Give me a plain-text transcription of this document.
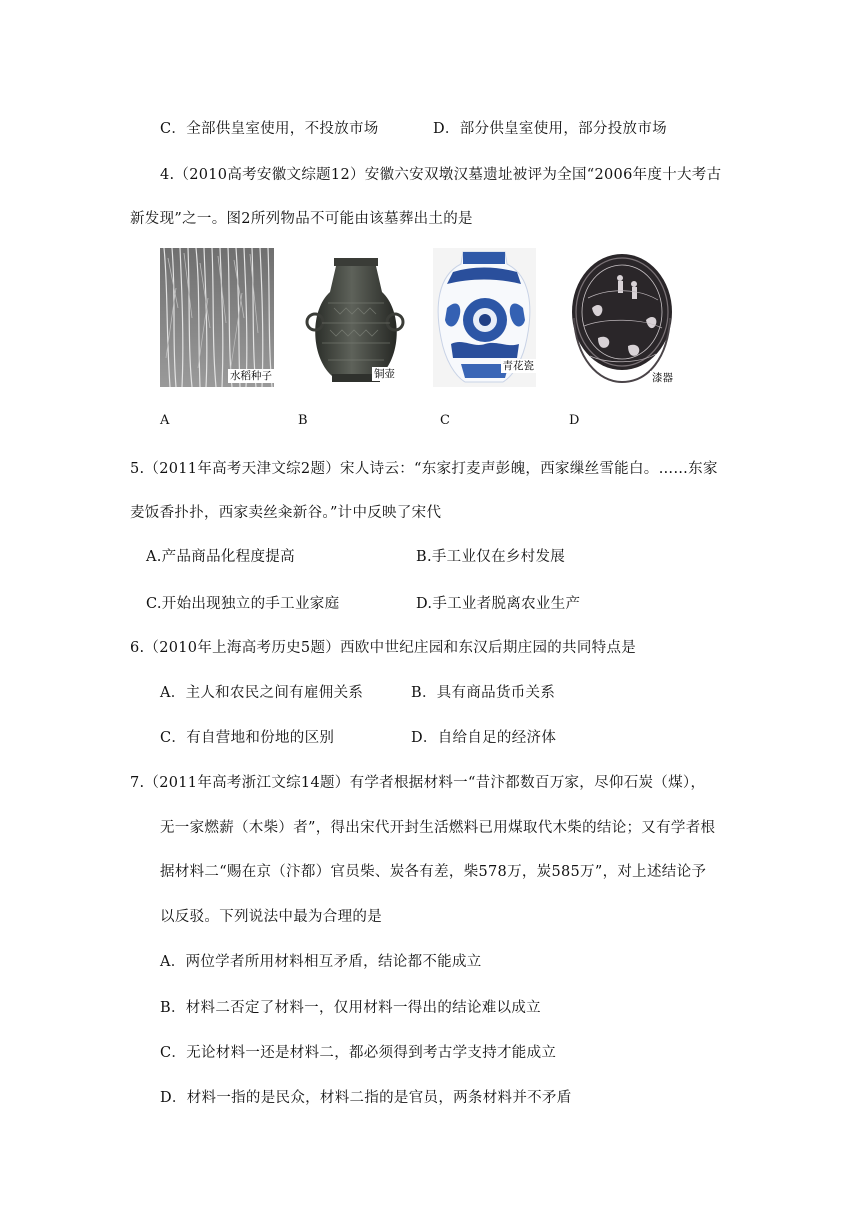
C．全部供皇室使用，不投放市场	D．部分供皇室使用，部分投放市场
4.（2010高考安徽文综题12）安徽六安双墩汉墓遗址被评为全国“2006年度十大考古
新发现”之一。图2所列物品不可能由该墓葬出土的是
水稻种子	铜壶
青花瓷
漆器
A	B	C	D
5.（2011年高考天津文综2题）宋人诗云：“东家打麦声彭魄，西家缫丝雪能白。……东家
麦饭香扑扑，西家卖丝籴新谷。”计中反映了宋代
A.产品商品化程度提高	B.手工业仅在乡村发展
C.开始出现独立的手工业家庭	D.手工业者脱离农业生产
6.（2010年上海高考历史5题）西欧中世纪庄园和东汉后期庄园的共同特点是
A．主人和农民之间有雇佣关系	B．具有商品货币关系
C．有自营地和份地的区别	D．自给自足的经济体
7.（2011年高考浙江文综14题）有学者根据材料一“昔汴都数百万家，尽仰石炭（煤），
无一家燃薪（木柴）者”，得出宋代开封生活燃料已用煤取代木柴的结论；又有学者根
据材料二“赐在京（汴都）官员柴、炭各有差，柴578万，炭585万”，对上述结论予
以反驳。下列说法中最为合理的是
A．两位学者所用材料相互矛盾，结论都不能成立
B．材料二否定了材料一，仅用材料一得出的结论难以成立
C．无论材料一还是材料二，都必须得到考古学支持才能成立
D．材料一指的是民众，材料二指的是官员，两条材料并不矛盾
